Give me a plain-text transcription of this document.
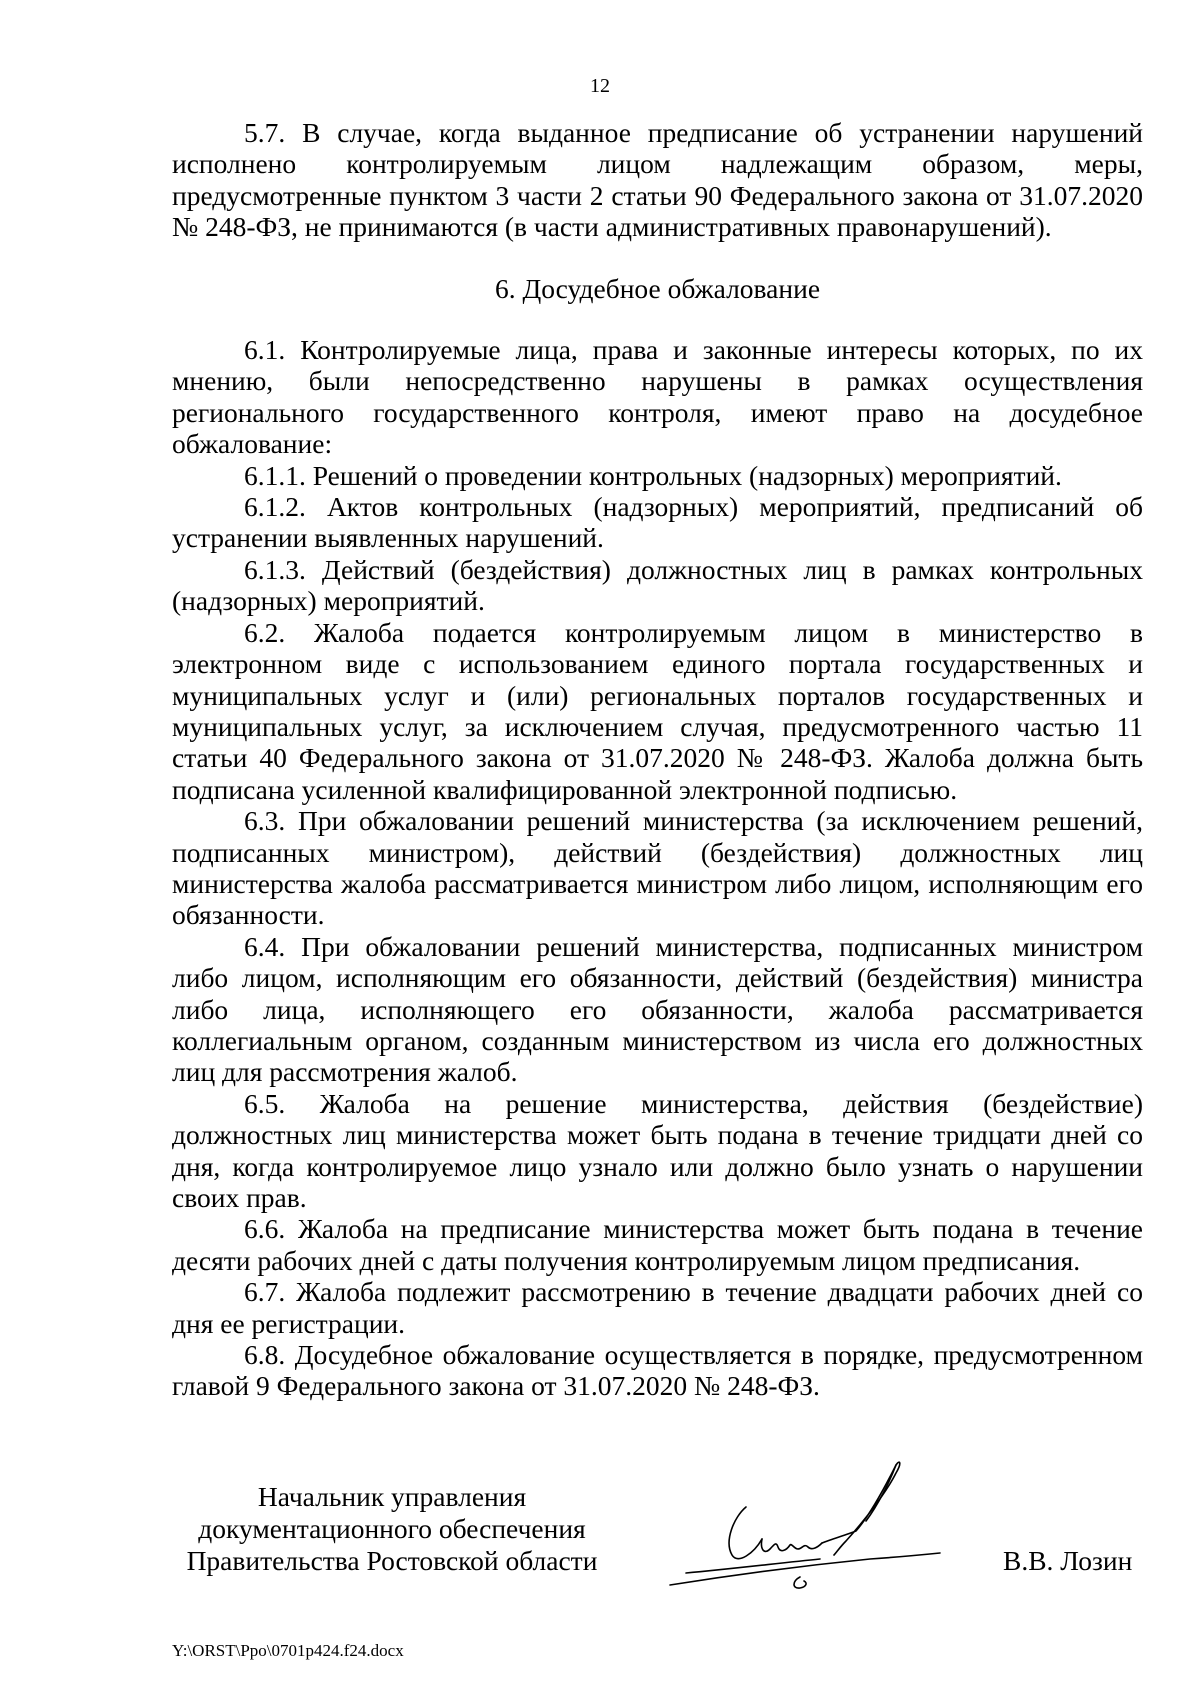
12

5.7. В случае, когда выданное предписание об устранении нарушений исполнено контролируемым лицом надлежащим образом, меры, предусмотренные пунктом 3 части 2 статьи 90 Федерального закона от 31.07.2020 № 248-ФЗ, не принимаются (в части административных правонарушений).

6. Досудебное обжалование

6.1. Контролируемые лица, права и законные интересы которых, по их мнению, были непосредственно нарушены в рамках осуществления регионального государственного контроля, имеют право на досудебное обжалование:

6.1.1. Решений о проведении контрольных (надзорных) мероприятий.

6.1.2. Актов контрольных (надзорных) мероприятий, предписаний об устранении выявленных нарушений.

6.1.3. Действий (бездействия) должностных лиц в рамках контрольных (надзорных) мероприятий.

6.2. Жалоба подается контролируемым лицом в министерство в электронном виде с использованием единого портала государственных и муниципальных услуг и (или) региональных порталов государственных и муниципальных услуг, за исключением случая, предусмотренного частью 11 статьи 40 Федерального закона от 31.07.2020 № 248-ФЗ. Жалоба должна быть подписана усиленной квалифицированной электронной подписью.

6.3. При обжаловании решений министерства (за исключением решений, подписанных министром), действий (бездействия) должностных лиц министерства жалоба рассматривается министром либо лицом, исполняющим его обязанности.

6.4. При обжаловании решений министерства, подписанных министром либо лицом, исполняющим его обязанности, действий (бездействия) министра либо лица, исполняющего его обязанности, жалоба рассматривается коллегиальным органом, созданным министерством из числа его должностных лиц для рассмотрения жалоб.

6.5. Жалоба на решение министерства, действия (бездействие) должностных лиц министерства может быть подана в течение тридцати дней со дня, когда контролируемое лицо узнало или должно было узнать о нарушении своих прав.

6.6. Жалоба на предписание министерства может быть подана в течение десяти рабочих дней с даты получения контролируемым лицом предписания.

6.7. Жалоба подлежит рассмотрению в течение двадцати рабочих дней со дня ее регистрации.

6.8. Досудебное обжалование осуществляется в порядке, предусмотренном главой 9 Федерального закона от 31.07.2020 № 248-ФЗ.

Начальник управления
документационного обеспечения
Правительства Ростовской области	В.В. Лозин
Y:\ORST\Ppo\0701p424.f24.docx
